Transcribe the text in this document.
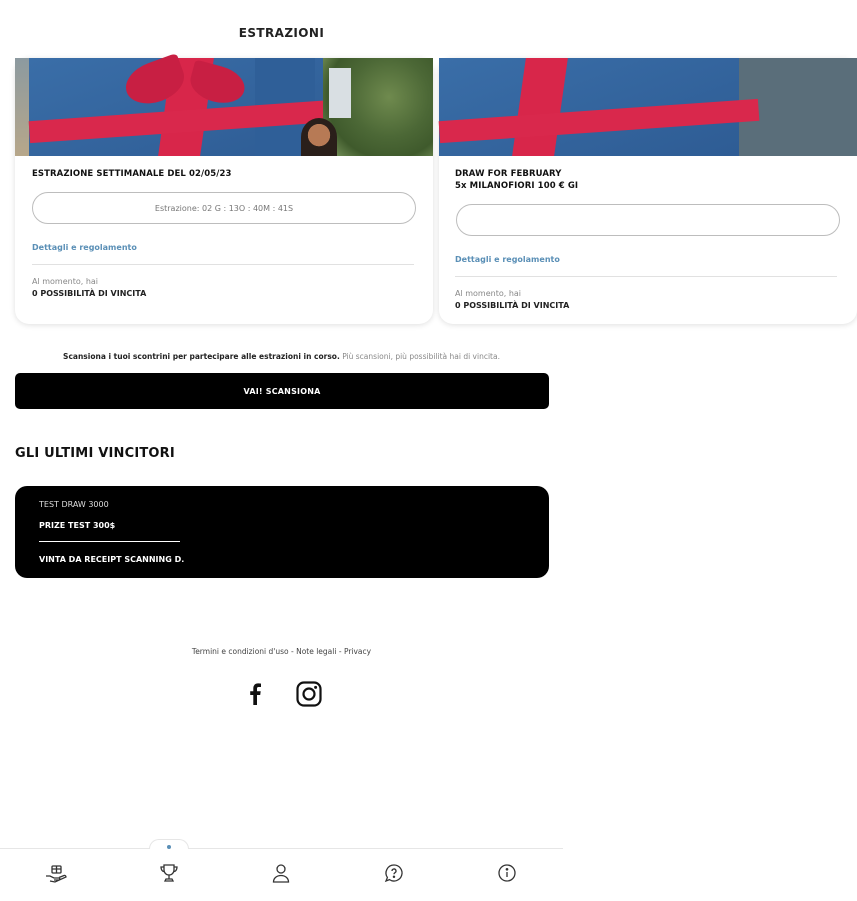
ESTRAZIONI
ESTRAZIONE SETTIMANALE DEL 02/05/23
Estrazione: 02 G : 13O : 40M : 41S
Dettagli e regolamento
Al momento, hai
0 POSSIBILITÀ DI VINCITA
DRAW FOR FEBRUARY
5x MILANOFIORI 100 € GI
Dettagli e regolamento
Al momento, hai
0 POSSIBILITÀ DI VINCITA
Scansiona i tuoi scontrini per partecipare alle estrazioni in corso. Più scansioni, più possibilità hai di vincita.
VAI! SCANSIONA
GLI ULTIMI VINCITORI
TEST DRAW 3000
PRIZE TEST 300$
VINTA DA RECEIPT SCANNING D.
Termini e condizioni d'uso - Note legali - Privacy
